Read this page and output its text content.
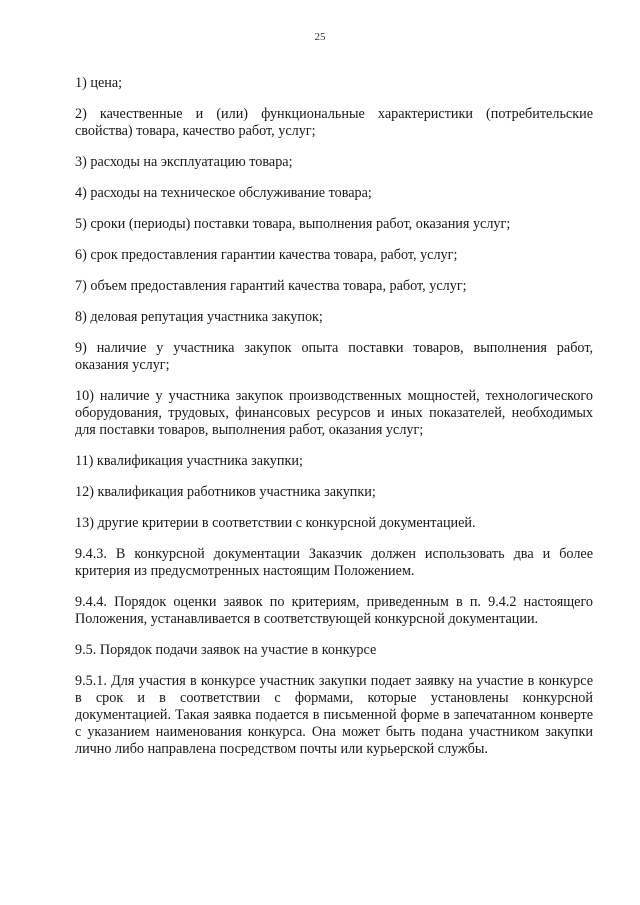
25

1) цена;

2) качественные и (или) функциональные характеристики (потребительские свойства) товара, качество работ, услуг;

3) расходы на эксплуатацию товара;

4) расходы на техническое обслуживание товара;

5) сроки (периоды) поставки товара, выполнения работ, оказания услуг;

6) срок предоставления гарантии качества товара, работ, услуг;

7) объем предоставления гарантий качества товара, работ, услуг;

8) деловая репутация участника закупок;

9) наличие у участника закупок опыта поставки товаров, выполнения работ, оказания услуг;

10) наличие у участника закупок производственных мощностей, технологического оборудования, трудовых, финансовых ресурсов и иных показателей, необходимых для поставки товаров, выполнения работ, оказания услуг;

11) квалификация участника закупки;

12) квалификация работников участника закупки;

13) другие критерии в соответствии с конкурсной документацией.

9.4.3. В конкурсной документации Заказчик должен использовать два и более критерия из предусмотренных настоящим Положением.

9.4.4. Порядок оценки заявок по критериям, приведенным в п. 9.4.2 настоящего Положения, устанавливается в соответствующей конкурсной документации.

9.5. Порядок подачи заявок на участие в конкурсе

9.5.1. Для участия в конкурсе участник закупки подает заявку на участие в конкурсе в срок и в соответствии с формами, которые установлены конкурсной документацией. Такая заявка подается в письменной форме в запечатанном конверте с указанием наименования конкурса. Она может быть подана участником закупки лично либо направлена посредством почты или курьерской службы.
